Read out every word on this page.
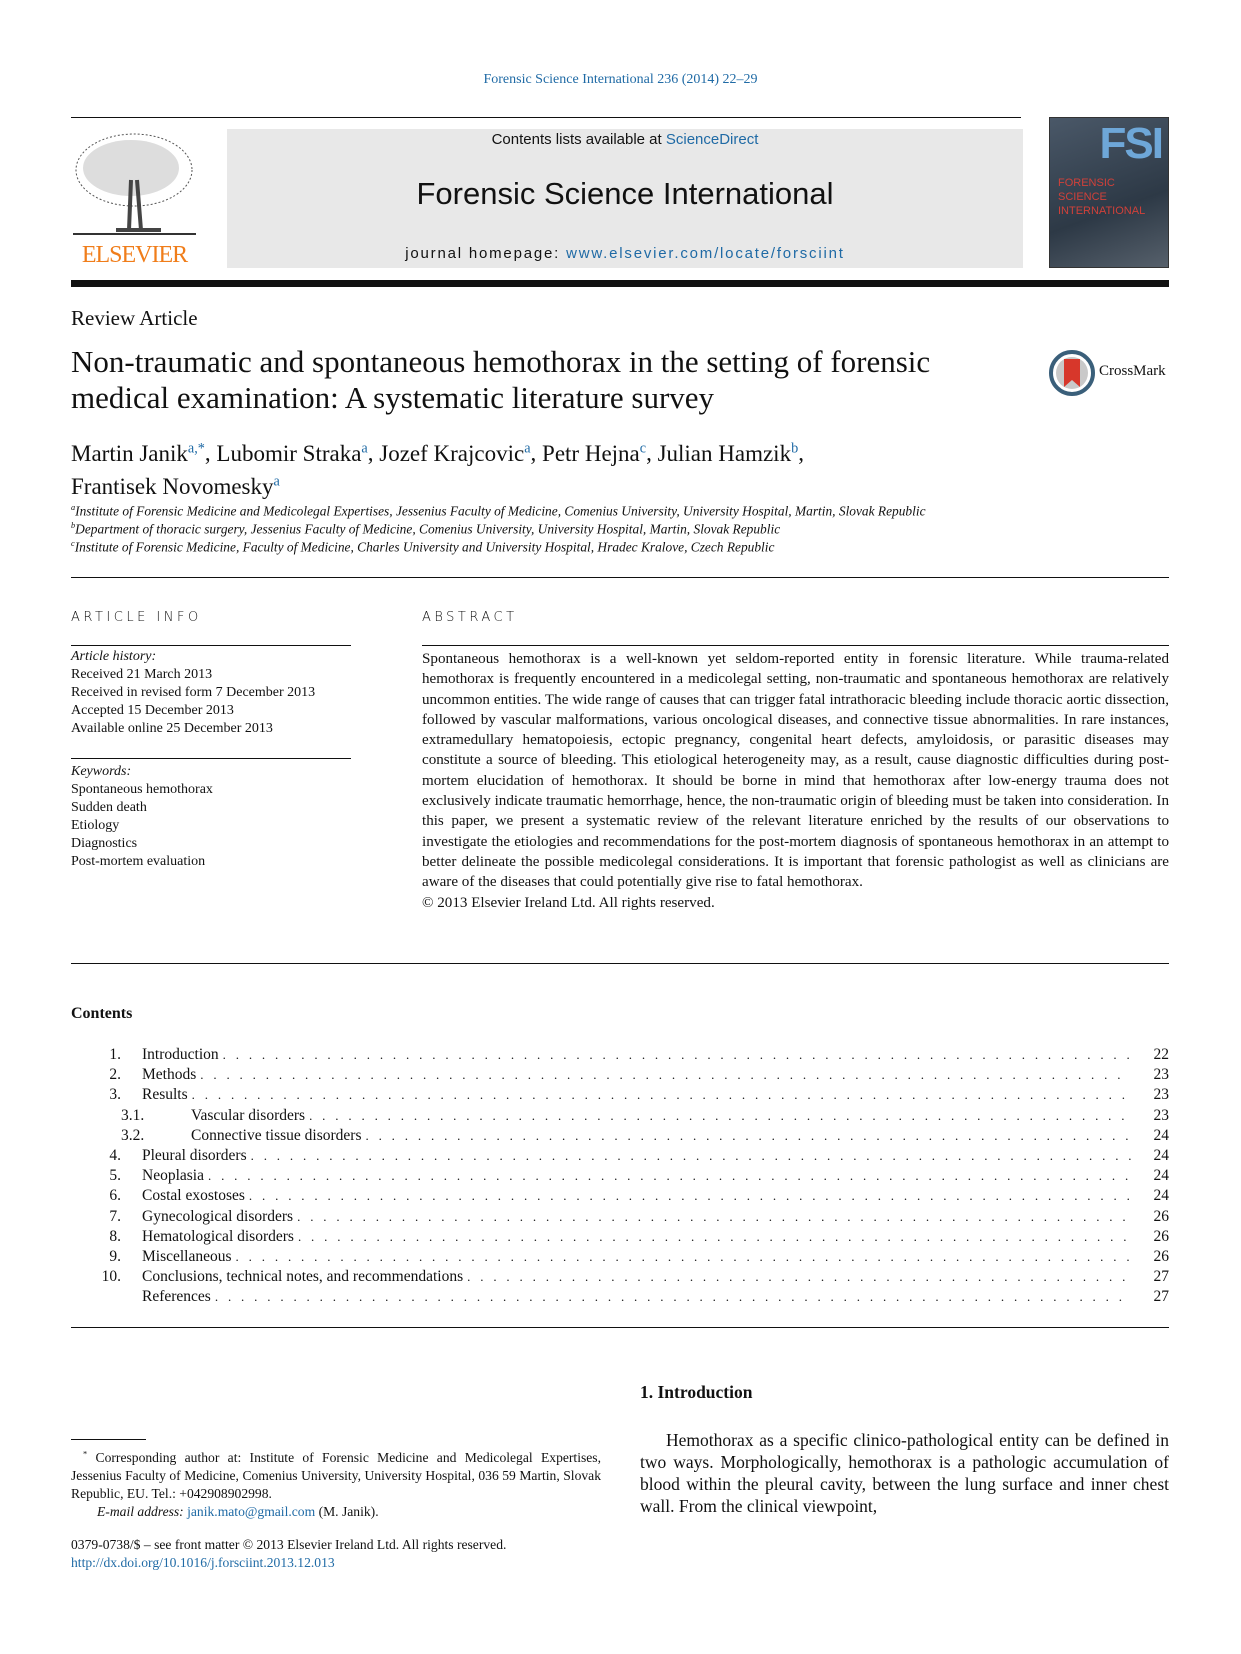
Forensic Science International 236 (2014) 22–29
ELSEVIER
Contents lists available at ScienceDirect
Forensic Science International
journal homepage: www.elsevier.com/locate/forsciint
FSI
FORENSIC SCIENCE INTERNATIONAL
Review Article
Non-traumatic and spontaneous hemothorax in the setting of forensic medical examination: A systematic literature survey
CrossMark
Martin Janik$^{a,*}$, Lubomir Straka$^a$, Jozef Krajcovic$^a$, Petr Hejna$^c$, Julian Hamzik$^b$,
Frantisek Novomesky$^a$
$^a$Institute of Forensic Medicine and Medicolegal Expertises, Jessenius Faculty of Medicine, Comenius University, University Hospital, Martin, Slovak Republic
$^b$Department of thoracic surgery, Jessenius Faculty of Medicine, Comenius University, University Hospital, Martin, Slovak Republic
$^c$Institute of Forensic Medicine, Faculty of Medicine, Charles University and University Hospital, Hradec Kralove, Czech Republic
ARTICLE INFO	ABSTRACT
Article history:
Received 21 March 2013
Received in revised form 7 December 2013
Accepted 15 December 2013
Available online 25 December 2013
Keywords:
Spontaneous hemothorax
Sudden death
Etiology
Diagnostics
Post-mortem evaluation
Spontaneous hemothorax is a well-known yet seldom-reported entity in forensic literature. While trauma-related hemothorax is frequently encountered in a medicolegal setting, non-traumatic and spontaneous hemothorax are relatively uncommon entities. The wide range of causes that can trigger fatal intrathoracic bleeding include thoracic aortic dissection, followed by vascular malformations, various oncological diseases, and connective tissue abnormalities. In rare instances, extramedullary hematopoiesis, ectopic pregnancy, congenital heart defects, amyloidosis, or parasitic diseases may constitute a source of bleeding. This etiological heterogeneity may, as a result, cause diagnostic difficulties during post-mortem elucidation of hemothorax. It should be borne in mind that hemothorax after low-energy trauma does not exclusively indicate traumatic hemorrhage, hence, the non-traumatic origin of bleeding must be taken into consideration. In this paper, we present a systematic review of the relevant literature enriched by the results of our observations to investigate the etiologies and recommendations for the post-mortem diagnosis of spontaneous hemothorax in an attempt to better delineate the possible medicolegal considerations. It is important that forensic pathologist as well as clinicians are aware of the diseases that could potentially give rise to fatal hemothorax.
© 2013 Elsevier Ireland Ltd. All rights reserved.
Contents
1.	Introduction . . .	22
2.	Methods . . .	23
3.	Results . . .	23
3.1.	Vascular disorders . . .	23
3.2.	Connective tissue disorders . . .	24
4.	Pleural disorders . . .	24
5.	Neoplasia . . .	24
6.	Costal exostoses . . .	24
7.	Gynecological disorders . . .	26
8.	Hematological disorders . . .	26
9.	Miscellaneous . . .	26
10.	Conclusions, technical notes, and recommendations . . .	27
References . . .	27
1. Introduction
Hemothorax as a specific clinico-pathological entity can be defined in two ways. Morphologically, hemothorax is a pathologic accumulation of blood within the pleural cavity, between the lung surface and inner chest wall. From the clinical viewpoint,
* Corresponding author at: Institute of Forensic Medicine and Medicolegal Expertises, Jessenius Faculty of Medicine, Comenius University, University Hospital, 036 59 Martin, Slovak Republic, EU. Tel.: +042908902998.
E-mail address: janik.mato@gmail.com (M. Janik).
0379-0738/$ – see front matter © 2013 Elsevier Ireland Ltd. All rights reserved.
http://dx.doi.org/10.1016/j.forsciint.2013.12.013
